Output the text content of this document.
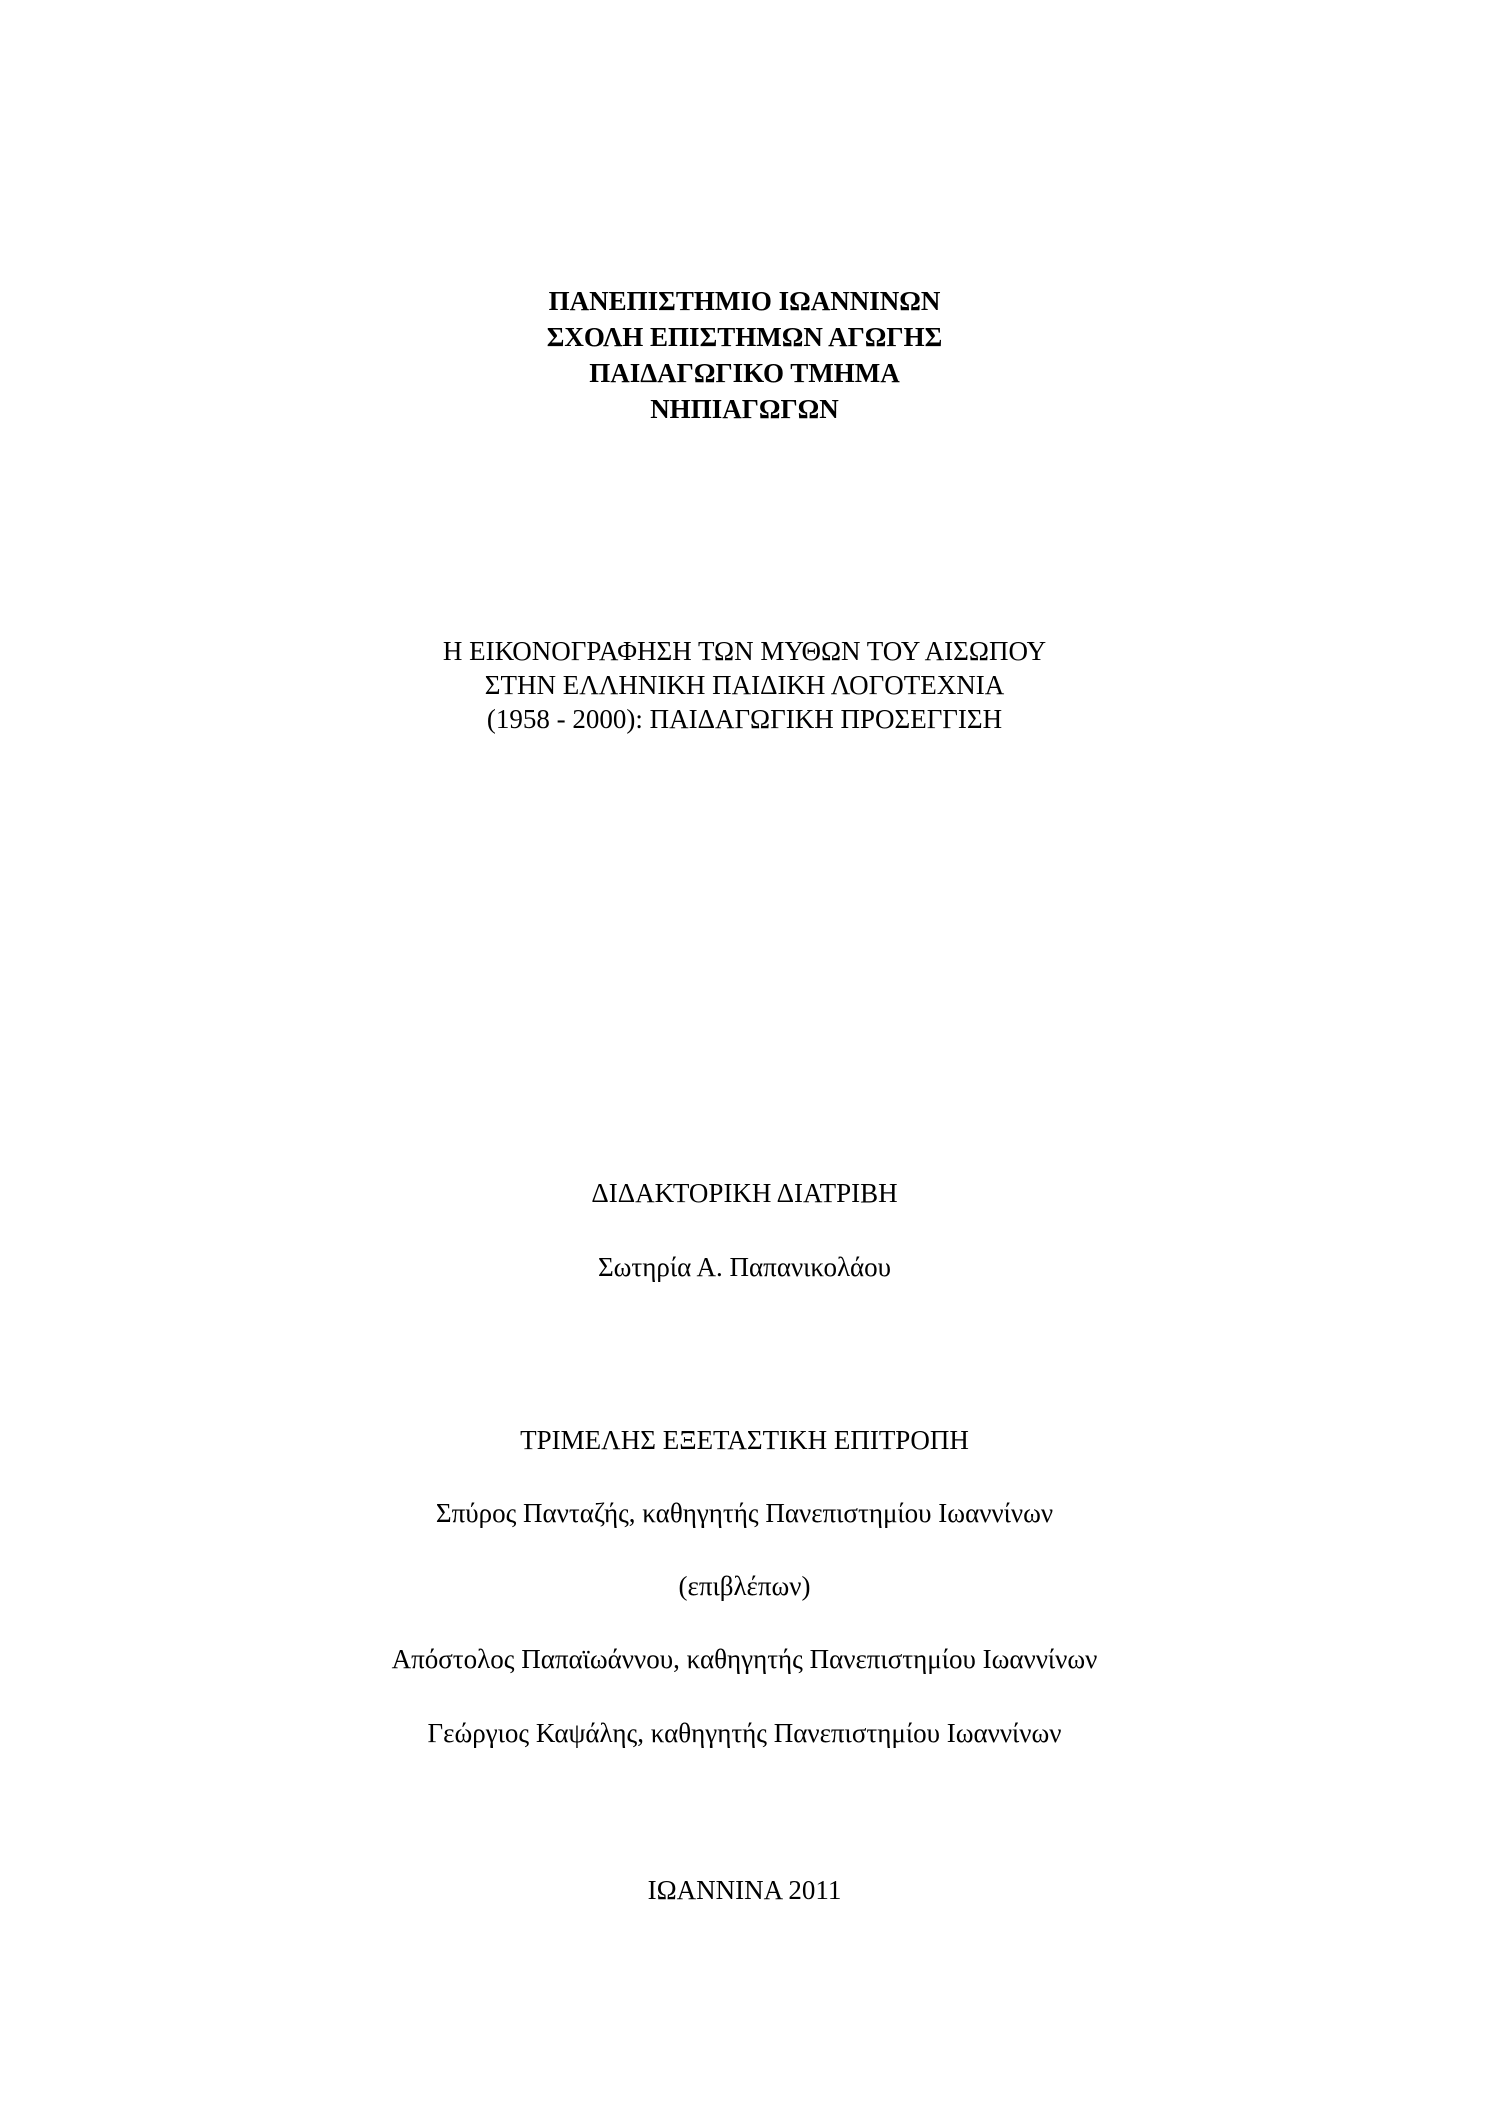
ΠΑΝΕΠΙΣΤΗΜΙΟ ΙΩΑΝΝΙΝΩΝ
ΣΧΟΛΗ ΕΠΙΣΤΗΜΩΝ ΑΓΩΓΗΣ
ΠΑΙΔΑΓΩΓΙΚΟ ΤΜΗΜΑ
ΝΗΠΙΑΓΩΓΩΝ
Η ΕΙΚΟΝΟΓΡΑΦΗΣΗ ΤΩΝ ΜΥΘΩΝ ΤΟΥ ΑΙΣΩΠΟΥ
ΣΤΗΝ ΕΛΛΗΝΙΚΗ ΠΑΙΔΙΚΗ ΛΟΓΟΤΕΧΝΙΑ
(1958 - 2000): ΠΑΙΔΑΓΩΓΙΚΗ ΠΡΟΣΕΓΓΙΣΗ
ΔΙΔΑΚΤΟΡΙΚΗ ΔΙΑΤΡΙΒΗ
Σωτηρία Α. Παπανικολάου
ΤΡΙΜΕΛΗΣ ΕΞΕΤΑΣΤΙΚΗ ΕΠΙΤΡΟΠΗ
Σπύρος Πανταζής, καθηγητής Πανεπιστημίου Ιωαννίνων
(επιβλέπων)
Απόστολος Παπαϊωάννου, καθηγητής Πανεπιστημίου Ιωαννίνων
Γεώργιος Καψάλης, καθηγητής Πανεπιστημίου Ιωαννίνων
ΙΩΑΝΝΙΝΑ 2011
